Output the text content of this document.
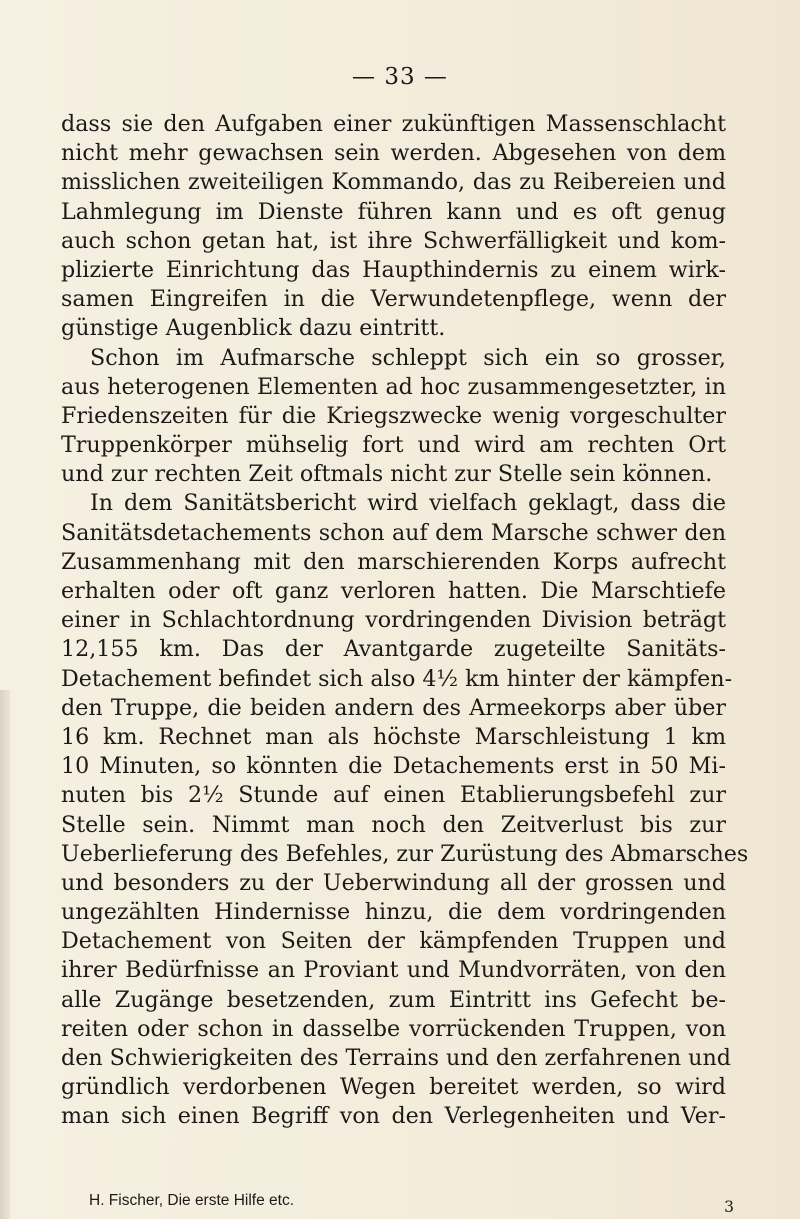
— 33 —
dass sie den Aufgaben einer zukünftigen Massenschlacht
nicht mehr gewachsen sein werden. Abgesehen von dem
misslichen zweiteiligen Kommando, das zu Reibereien und
Lahmlegung im Dienste führen kann und es oft genug
auch schon getan hat, ist ihre Schwerfälligkeit und kom-
plizierte Einrichtung das Haupthindernis zu einem wirk-
samen Eingreifen in die Verwundetenpflege, wenn der
günstige Augenblick dazu eintritt.
Schon im Aufmarsche schleppt sich ein so grosser,
aus heterogenen Elementen ad hoc zusammengesetzter, in
Friedenszeiten für die Kriegszwecke wenig vorgeschulter
Truppenkörper mühselig fort und wird am rechten Ort
und zur rechten Zeit oftmals nicht zur Stelle sein können.
In dem Sanitätsbericht wird vielfach geklagt, dass die
Sanitätsdetachements schon auf dem Marsche schwer den
Zusammenhang mit den marschierenden Korps aufrecht
erhalten oder oft ganz verloren hatten. Die Marschtiefe
einer in Schlachtordnung vordringenden Division beträgt
12,155 km. Das der Avantgarde zugeteilte Sanitäts-
Detachement befindet sich also 4½ km hinter der kämpfen-
den Truppe, die beiden andern des Armeekorps aber über
16 km. Rechnet man als höchste Marschleistung 1 km
10 Minuten, so könnten die Detachements erst in 50 Mi-
nuten bis 2½ Stunde auf einen Etablierungsbefehl zur
Stelle sein. Nimmt man noch den Zeitverlust bis zur
Ueberlieferung des Befehles, zur Zurüstung des Abmarsches
und besonders zu der Ueberwindung all der grossen und
ungezählten Hindernisse hinzu, die dem vordringenden
Detachement von Seiten der kämpfenden Truppen und
ihrer Bedürfnisse an Proviant und Mundvorräten, von den
alle Zugänge besetzenden, zum Eintritt ins Gefecht be-
reiten oder schon in dasselbe vorrückenden Truppen, von
den Schwierigkeiten des Terrains und den zerfahrenen und
gründlich verdorbenen Wegen bereitet werden, so wird
man sich einen Begriff von den Verlegenheiten und Ver-
H. Fischer, Die erste Hilfe etc.	3
